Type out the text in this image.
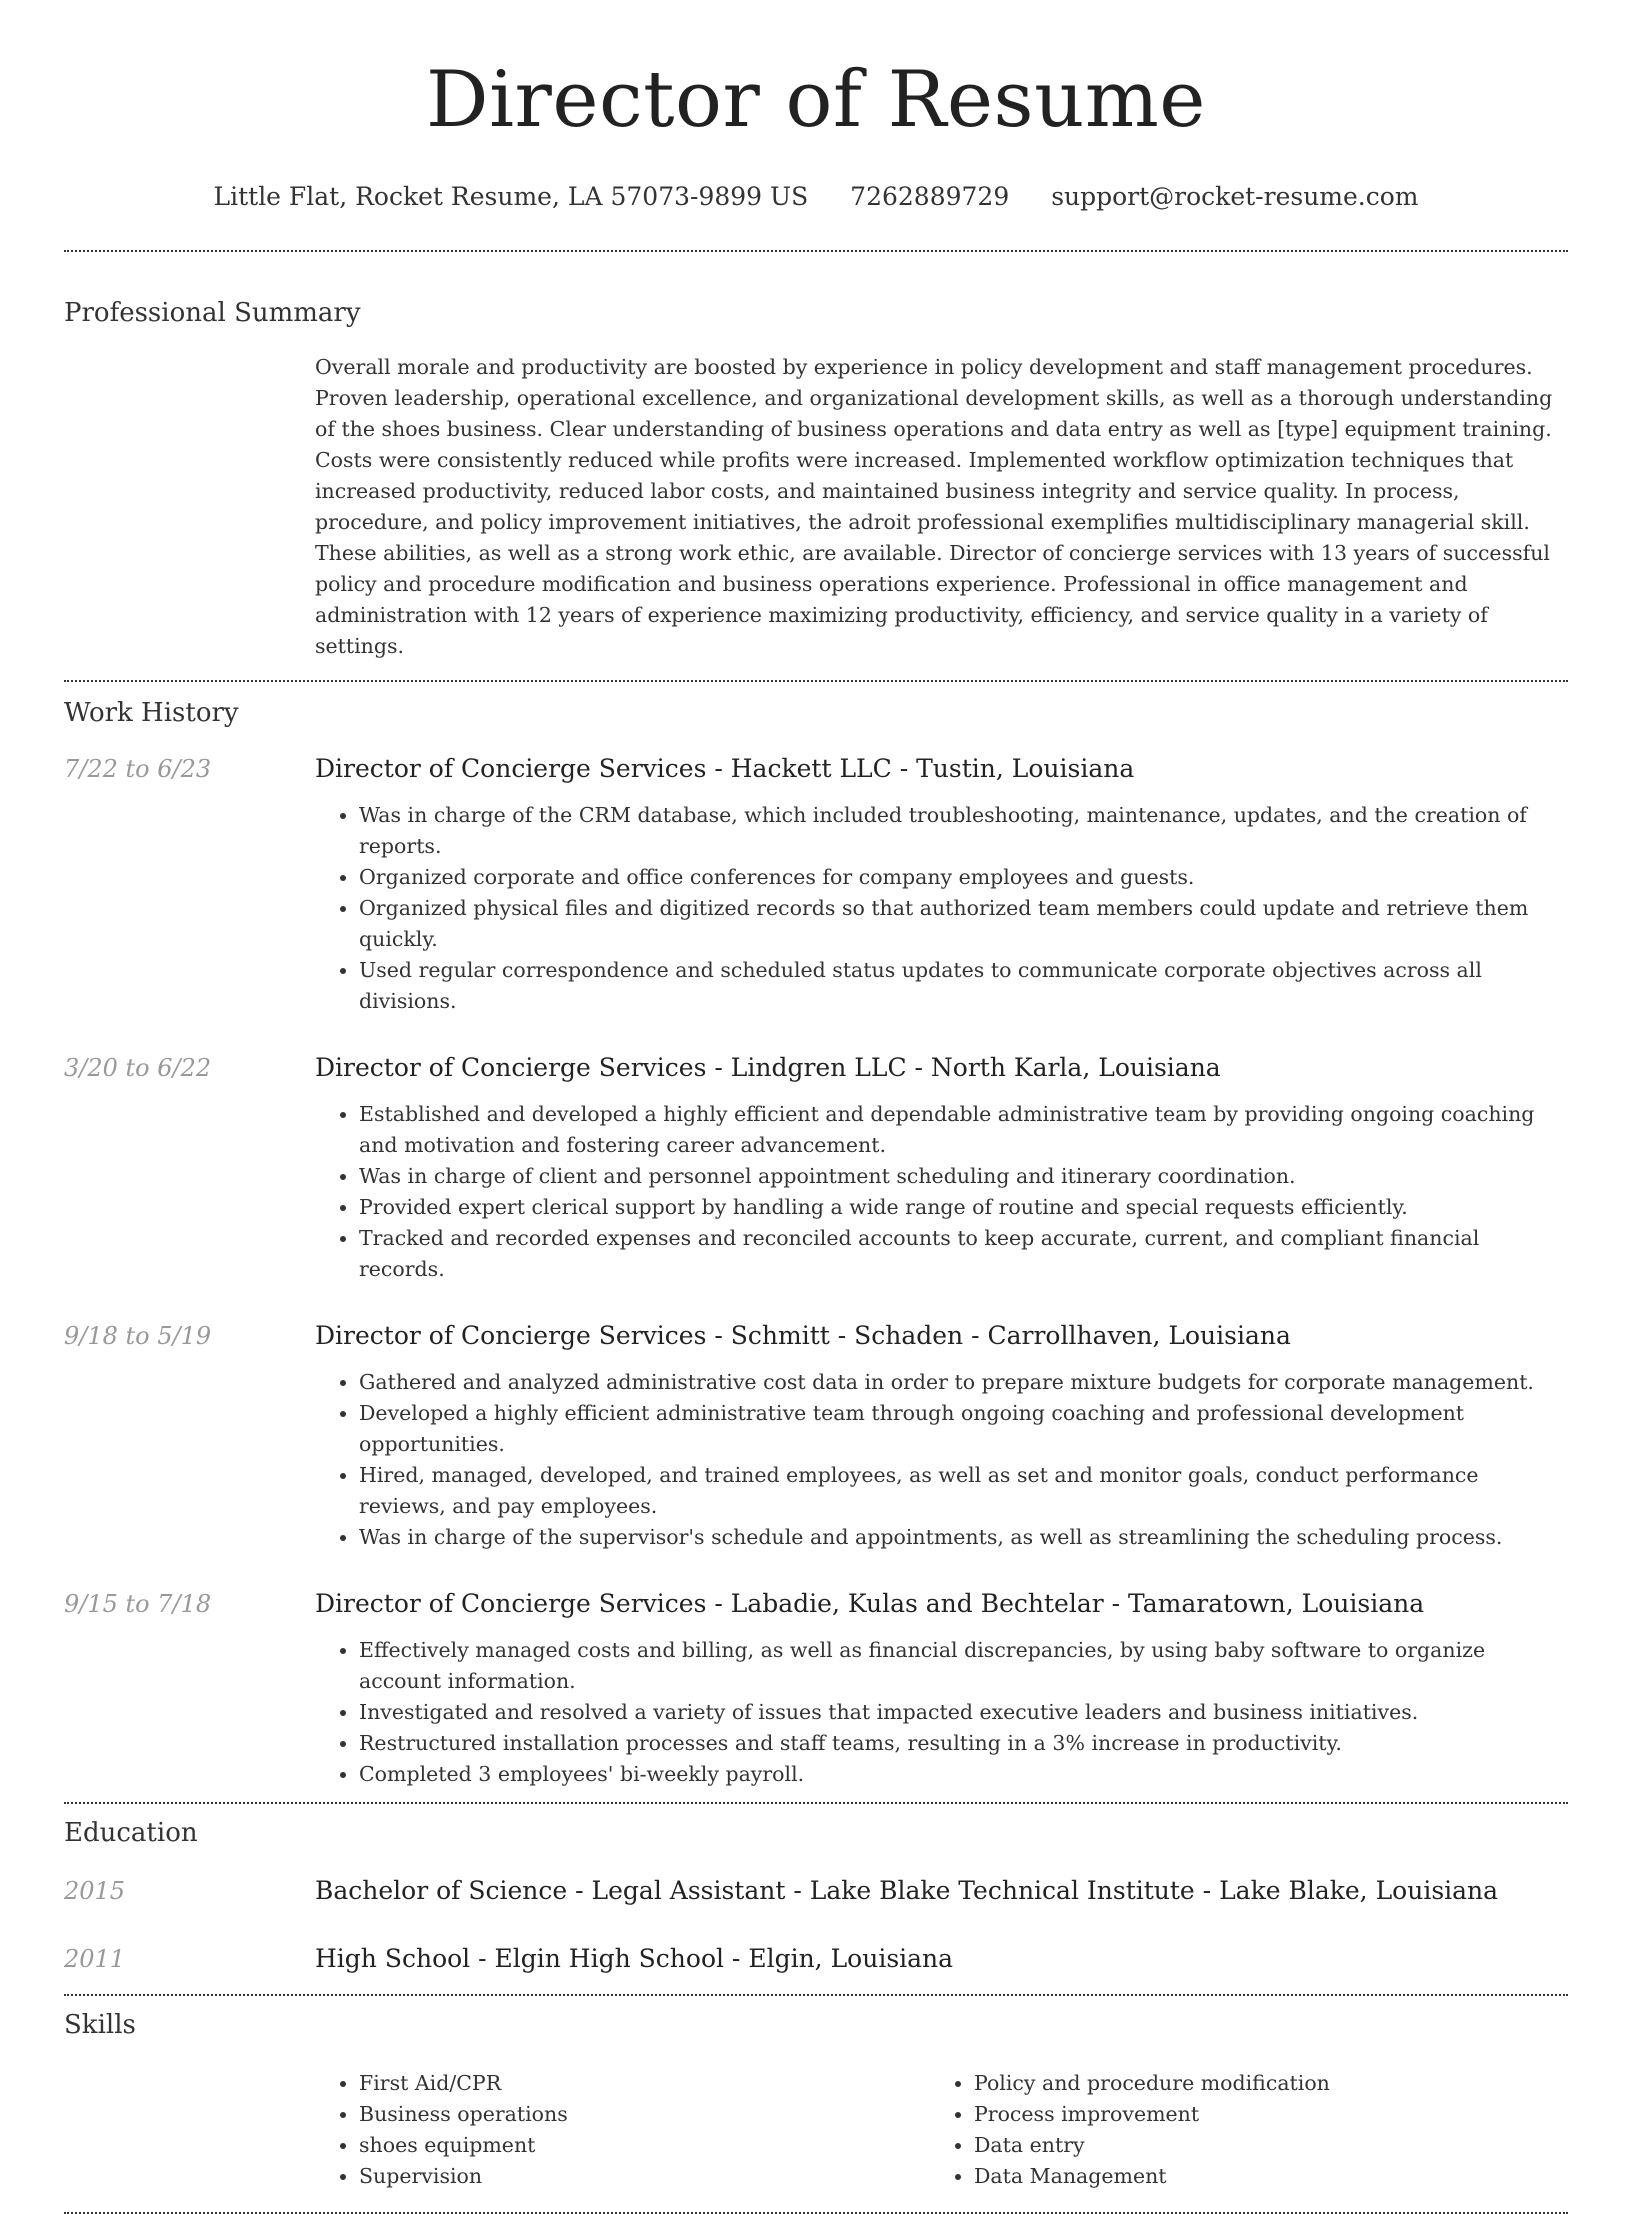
Director of Resume
Little Flat, Rocket Resume, LA 57073-9899 US 7262889729 support@rocket-resume.com
Professional Summary
Overall morale and productivity are boosted by experience in policy development and staff management procedures. Proven leadership, operational excellence, and organizational development skills, as well as a thorough understanding of the shoes business. Clear understanding of business operations and data entry as well as [type] equipment training. Costs were consistently reduced while profits were increased. Implemented workflow optimization techniques that increased productivity, reduced labor costs, and maintained business integrity and service quality. In process, procedure, and policy improvement initiatives, the adroit professional exemplifies multidisciplinary managerial skill. These abilities, as well as a strong work ethic, are available. Director of concierge services with 13 years of successful policy and procedure modification and business operations experience. Professional in office management and administration with 12 years of experience maximizing productivity, efficiency, and service quality in a variety of settings.
Work History
7/22 to 6/23	Director of Concierge Services - Hackett LLC - Tustin, Louisiana
• Was in charge of the CRM database, which included troubleshooting, maintenance, updates, and the creation of reports.
• Organized corporate and office conferences for company employees and guests.
• Organized physical files and digitized records so that authorized team members could update and retrieve them quickly.
• Used regular correspondence and scheduled status updates to communicate corporate objectives across all divisions.
3/20 to 6/22	Director of Concierge Services - Lindgren LLC - North Karla, Louisiana
• Established and developed a highly efficient and dependable administrative team by providing ongoing coaching and motivation and fostering career advancement.
• Was in charge of client and personnel appointment scheduling and itinerary coordination.
• Provided expert clerical support by handling a wide range of routine and special requests efficiently.
• Tracked and recorded expenses and reconciled accounts to keep accurate, current, and compliant financial records.
9/18 to 5/19	Director of Concierge Services - Schmitt - Schaden - Carrollhaven, Louisiana
• Gathered and analyzed administrative cost data in order to prepare mixture budgets for corporate management.
• Developed a highly efficient administrative team through ongoing coaching and professional development opportunities.
• Hired, managed, developed, and trained employees, as well as set and monitor goals, conduct performance reviews, and pay employees.
• Was in charge of the supervisor's schedule and appointments, as well as streamlining the scheduling process.
9/15 to 7/18	Director of Concierge Services - Labadie, Kulas and Bechtelar - Tamaratown, Louisiana
• Effectively managed costs and billing, as well as financial discrepancies, by using baby software to organize account information.
• Investigated and resolved a variety of issues that impacted executive leaders and business initiatives.
• Restructured installation processes and staff teams, resulting in a 3% increase in productivity.
• Completed 3 employees' bi-weekly payroll.
Education
2015	Bachelor of Science - Legal Assistant - Lake Blake Technical Institute - Lake Blake, Louisiana
2011	High School - Elgin High School - Elgin, Louisiana
Skills
• First Aid/CPR
• Business operations
• shoes equipment
• Supervision
• Policy and procedure modification
• Process improvement
• Data entry
• Data Management
